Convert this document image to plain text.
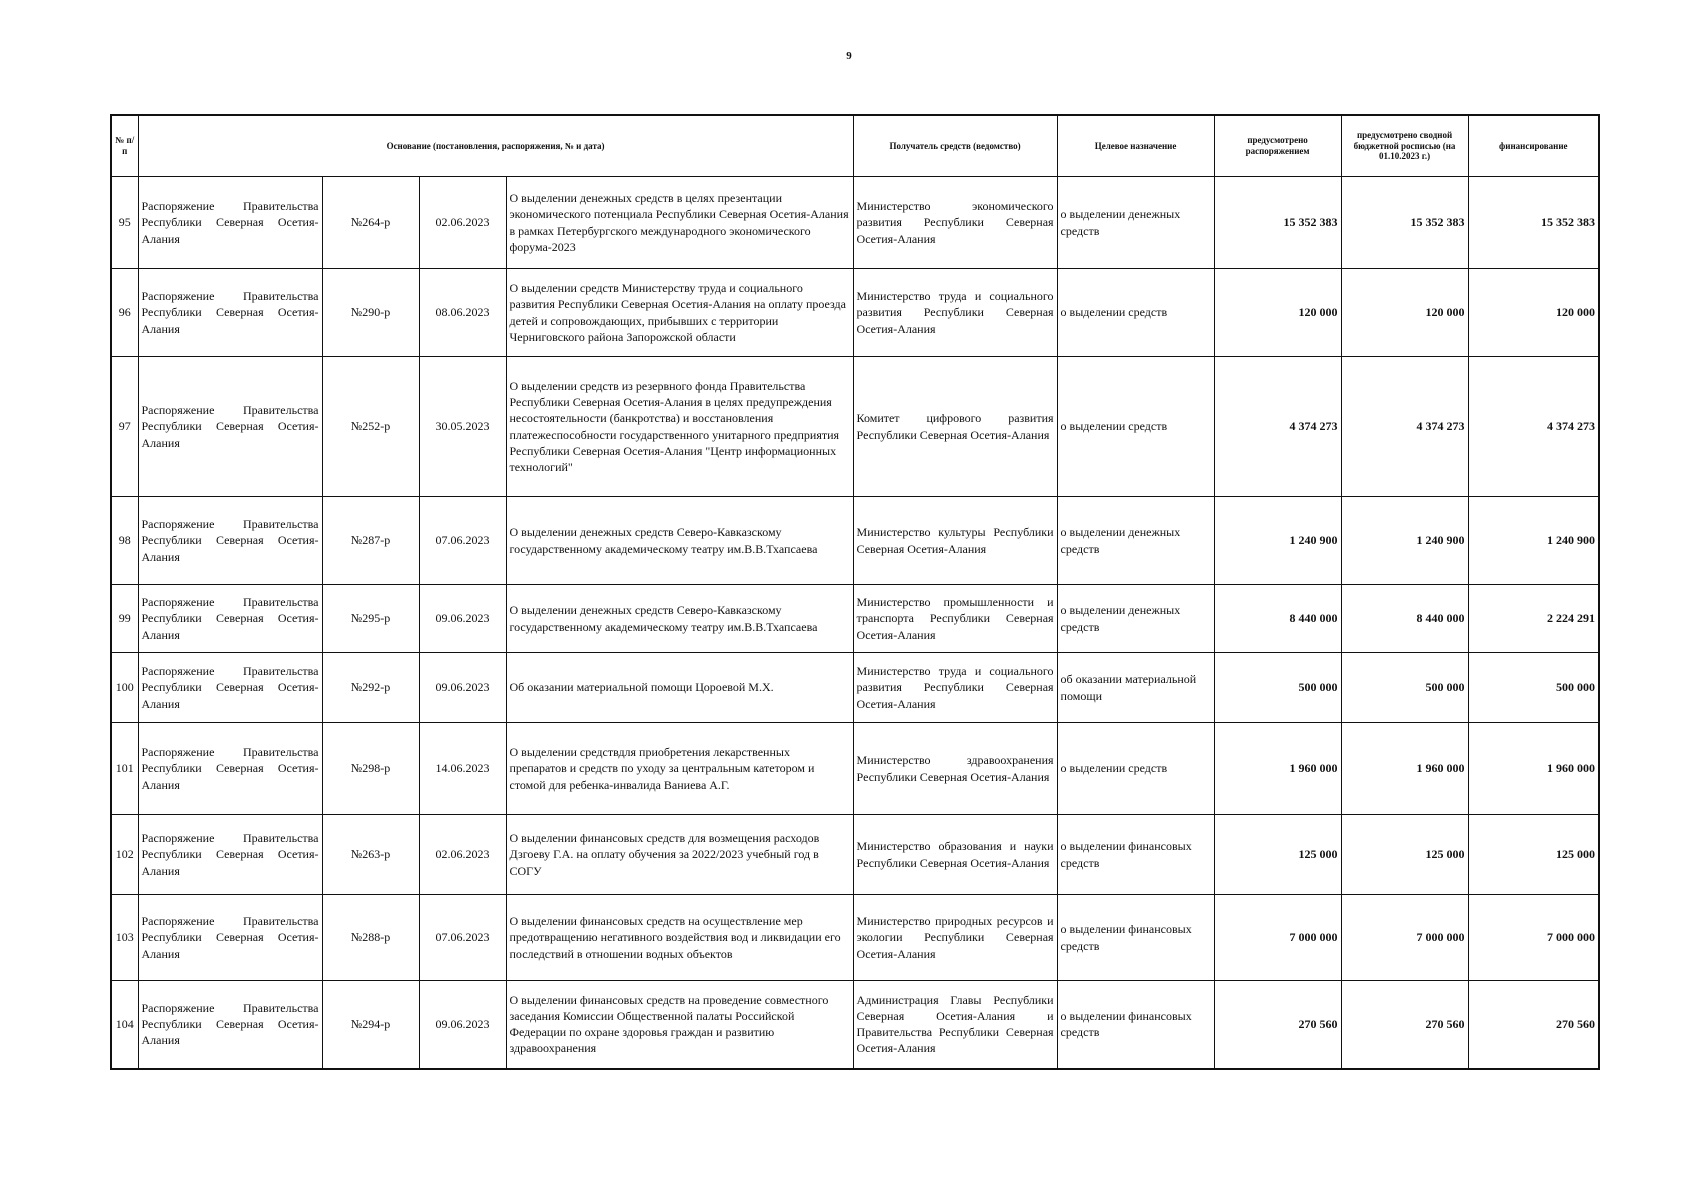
9
№ п/п	Основание (постановления, распоряжения, № и дата)				Получатель средств (ведомство)	Целевое назначение	предусмотрено распоряжением	предусмотрено сводной бюджетной росписью (на 01.10.2023 г.)	финансирование
95	Распоряжение Правительства Республики Северная Осетия-Алания	№264-р	02.06.2023	О выделении денежных средств в целях презентации экономического потенциала Республики Северная Осетия-Алания в рамках Петербургского международного экономического форума-2023	Министерство экономического развития Республики Северная Осетия-Алания	о выделении денежных средств	15 352 383	15 352 383	15 352 383
96	Распоряжение Правительства Республики Северная Осетия-Алания	№290-р	08.06.2023	О выделении средств Министерству труда и социального развития Республики Северная Осетия-Алания на оплату проезда детей и сопровождающих, прибывших с территории Черниговского района Запорожской области	Министерство труда и социального развития Республики Северная Осетия-Алания	о выделении средств	120 000	120 000	120 000
97	Распоряжение Правительства Республики Северная Осетия-Алания	№252-р	30.05.2023	О выделении средств из резервного фонда Правительства Республики Северная Осетия-Алания в целях предупреждения несостоятельности (банкротства) и восстановления платежеспособности государственного унитарного предприятия Республики Северная Осетия-Алания "Центр информационных технологий"	Комитет цифрового развития Республики Северная Осетия-Алания	о выделении средств	4 374 273	4 374 273	4 374 273
98	Распоряжение Правительства Республики Северная Осетия-Алания	№287-р	07.06.2023	О выделении денежных средств Северо-Кавказскому государственному академическому театру им.В.В.Тхапсаева	Министерство культуры Республики Северная Осетия-Алания	о выделении денежных средств	1 240 900	1 240 900	1 240 900
99	Распоряжение Правительства Республики Северная Осетия-Алания	№295-р	09.06.2023	О выделении денежных средств Северо-Кавказскому государственному академическому театру им.В.В.Тхапсаева	Министерство промышленности и транспорта Республики Северная Осетия-Алания	о выделении денежных средств	8 440 000	8 440 000	2 224 291
100	Распоряжение Правительства Республики Северная Осетия-Алания	№292-р	09.06.2023	Об оказании материальной помощи Цороевой М.Х.	Министерство труда и социального развития Республики Северная Осетия-Алания	об оказании материальной помощи	500 000	500 000	500 000
101	Распоряжение Правительства Республики Северная Осетия-Алания	№298-р	14.06.2023	О выделении средствдля приобретения лекарственных препаратов и средств по уходу за центральным катетором и стомой для ребенка-инвалида Ваниева А.Г.	Министерство здравоохранения Республики Северная Осетия-Алания	о выделении средств	1 960 000	1 960 000	1 960 000
102	Распоряжение Правительства Республики Северная Осетия-Алания	№263-р	02.06.2023	О выделении финансовых средств для возмещения расходов Дзгоеву Г.А. на оплату обучения за 2022/2023 учебный год в СОГУ	Министерство образования и науки Республики Северная Осетия-Алания	о выделении финансовых средств	125 000	125 000	125 000
103	Распоряжение Правительства Республики Северная Осетия-Алания	№288-р	07.06.2023	О выделении финансовых средств на осуществление мер предотвращению негативного воздействия вод и ликвидации его последствий в отношении водных объектов	Министерство природных ресурсов и экологии Республики Северная Осетия-Алания	о выделении финансовых средств	7 000 000	7 000 000	7 000 000
104	Распоряжение Правительства Республики Северная Осетия-Алания	№294-р	09.06.2023	О выделении финансовых средств на проведение совместного заседания Комиссии Общественной палаты Российской Федерации по охране здоровья граждан и развитию здравоохранения	Администрация Главы Республики Северная Осетия-Алания и Правительства Республики Северная Осетия-Алания	о выделении финансовых средств	270 560	270 560	270 560
